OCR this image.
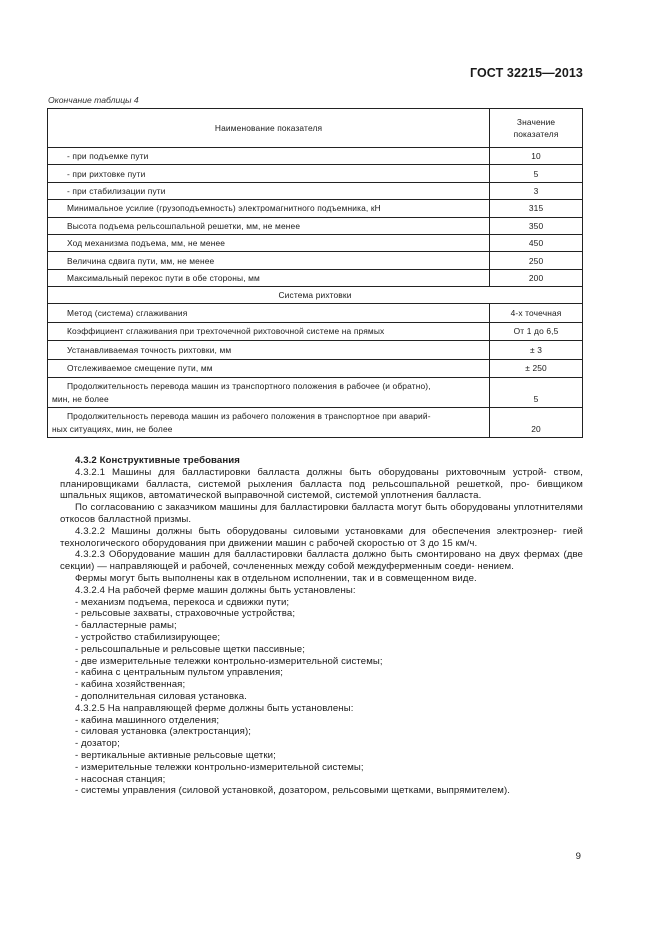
ГОСТ 32215—2013
Окончание таблицы 4
Наименование показателя	Значение
показателя
- при подъемке пути	10
- при рихтовке пути	5
- при стабилизации пути	3
Минимальное усилие (грузоподъемность) электромагнитного подъемника, кН	315
Высота подъема рельсошпальной решетки, мм, не менее	350
Ход механизма подъема, мм, не менее	450
Величина сдвига пути, мм, не менее	250
Максимальный перекос пути в обе стороны, мм	200
Система рихтовки	
Метод (система) сглаживания	4-х точечная
Коэффициент сглаживания при трехточечной рихтовочной системе на прямых	От 1 до 6,5
Устанавливаемая точность рихтовки, мм	± 3
Отслеживаемое смещение пути, мм	± 250
Продолжительность перевода машин из транспортного положения в рабочее (и обратно),
мин, не более	5
Продолжительность перевода машин из рабочего положения в транспортное при аварий-
ных ситуациях, мин, не более	20
4.3.2 Конструктивные требования
4.3.2.1 Машины для балластировки балласта должны быть оборудованы рихтовочным устрой- ством, планировщиками балласта, системой рыхления балласта под рельсошпальной решеткой, про- бивщиком шпальных ящиков, автоматической выправочной системой, системой уплотнения балласта.
По согласованию с заказчиком машины для балластировки балласта могут быть оборудованы уплотнителями откосов балластной призмы.
4.3.2.2 Машины должны быть оборудованы силовыми установками для обеспечения электроэнер- гией технологического оборудования при движении машин с рабочей скоростью от 3 до 15 км/ч.
4.3.2.3 Оборудование машин для балластировки балласта должно быть смонтировано на двух фермах (две секции) — направляющей и рабочей, сочлененных между собой междуферменным соеди- нением.
Фермы могут быть выполнены как в отдельном исполнении, так и в совмещенном виде.
4.3.2.4 На рабочей ферме машин должны быть установлены:
- механизм подъема, перекоса и сдвижки пути;
- рельсовые захваты, страховочные устройства;
- балластерные рамы;
- устройство стабилизирующее;
- рельсошпальные и рельсовые щетки пассивные;
- две измерительные тележки контрольно-измерительной системы;
- кабина с центральным пультом управления;
- кабина хозяйственная;
- дополнительная силовая установка.
4.3.2.5 На направляющей ферме должны быть установлены:
- кабина машинного отделения;
- силовая установка (электростанция);
- дозатор;
- вертикальные активные рельсовые щетки;
- измерительные тележки контрольно-измерительной системы;
- насосная станция;
- системы управления (силовой установкой, дозатором, рельсовыми щетками, выпрямителем).
9
